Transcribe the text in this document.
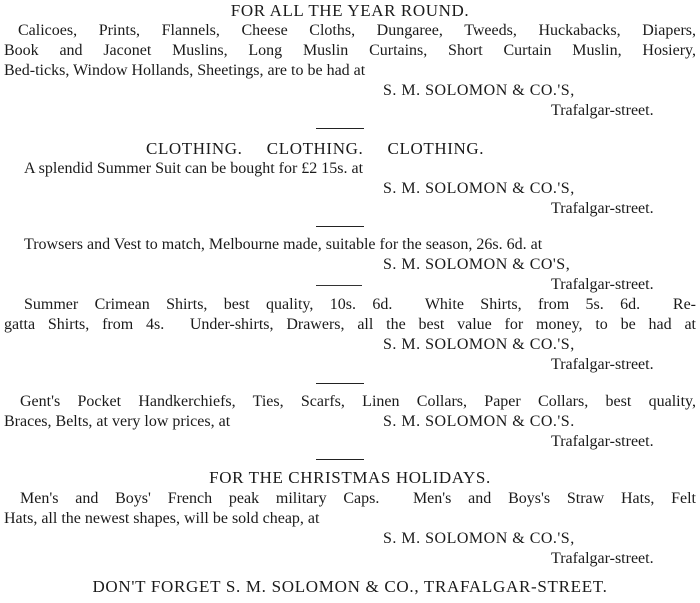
FOR ALL THE YEAR ROUND.
Calicoes, Prints, Flannels, Cheese Cloths, Dungaree, Tweeds, Huckabacks, Diapers,
Book and Jaconet Muslins, Long Muslin Curtains, Short Curtain Muslin, Hosiery,
Bed-ticks, Window Hollands, Sheetings, are to be had at
S. M. SOLOMON & CO.'S,
Trafalgar-street.
CLOTHING.     CLOTHING.     CLOTHING.
A splendid Summer Suit can be bought for £2 15s. at
S. M. SOLOMON & CO.'S,
Trafalgar-street.
Trowsers and Vest to match, Melbourne made, suitable for the season, 26s. 6d. at
S. M. SOLOMON & CO'S,
Trafalgar-street.
Summer Crimean Shirts, best quality, 10s. 6d.  White Shirts, from 5s. 6d.  Re-
gatta Shirts, from 4s.  Under-shirts, Drawers, all the best value for money, to be had at
S. M. SOLOMON & CO.'S,
Trafalgar-street.
Gent's Pocket Handkerchiefs, Ties, Scarfs, Linen Collars, Paper Collars, best quality,
Braces, Belts, at very low prices, at	S. M. SOLOMON & CO.'S.
Trafalgar-street.
FOR THE CHRISTMAS HOLIDAYS.
Men's and Boys' French peak military Caps.  Men's and Boys's Straw Hats, Felt
Hats, all the newest shapes, will be sold cheap, at
S. M. SOLOMON & CO.'S,
Trafalgar-street.
DON'T FORGET S. M. SOLOMON & CO., TRAFALGAR-STREET.
